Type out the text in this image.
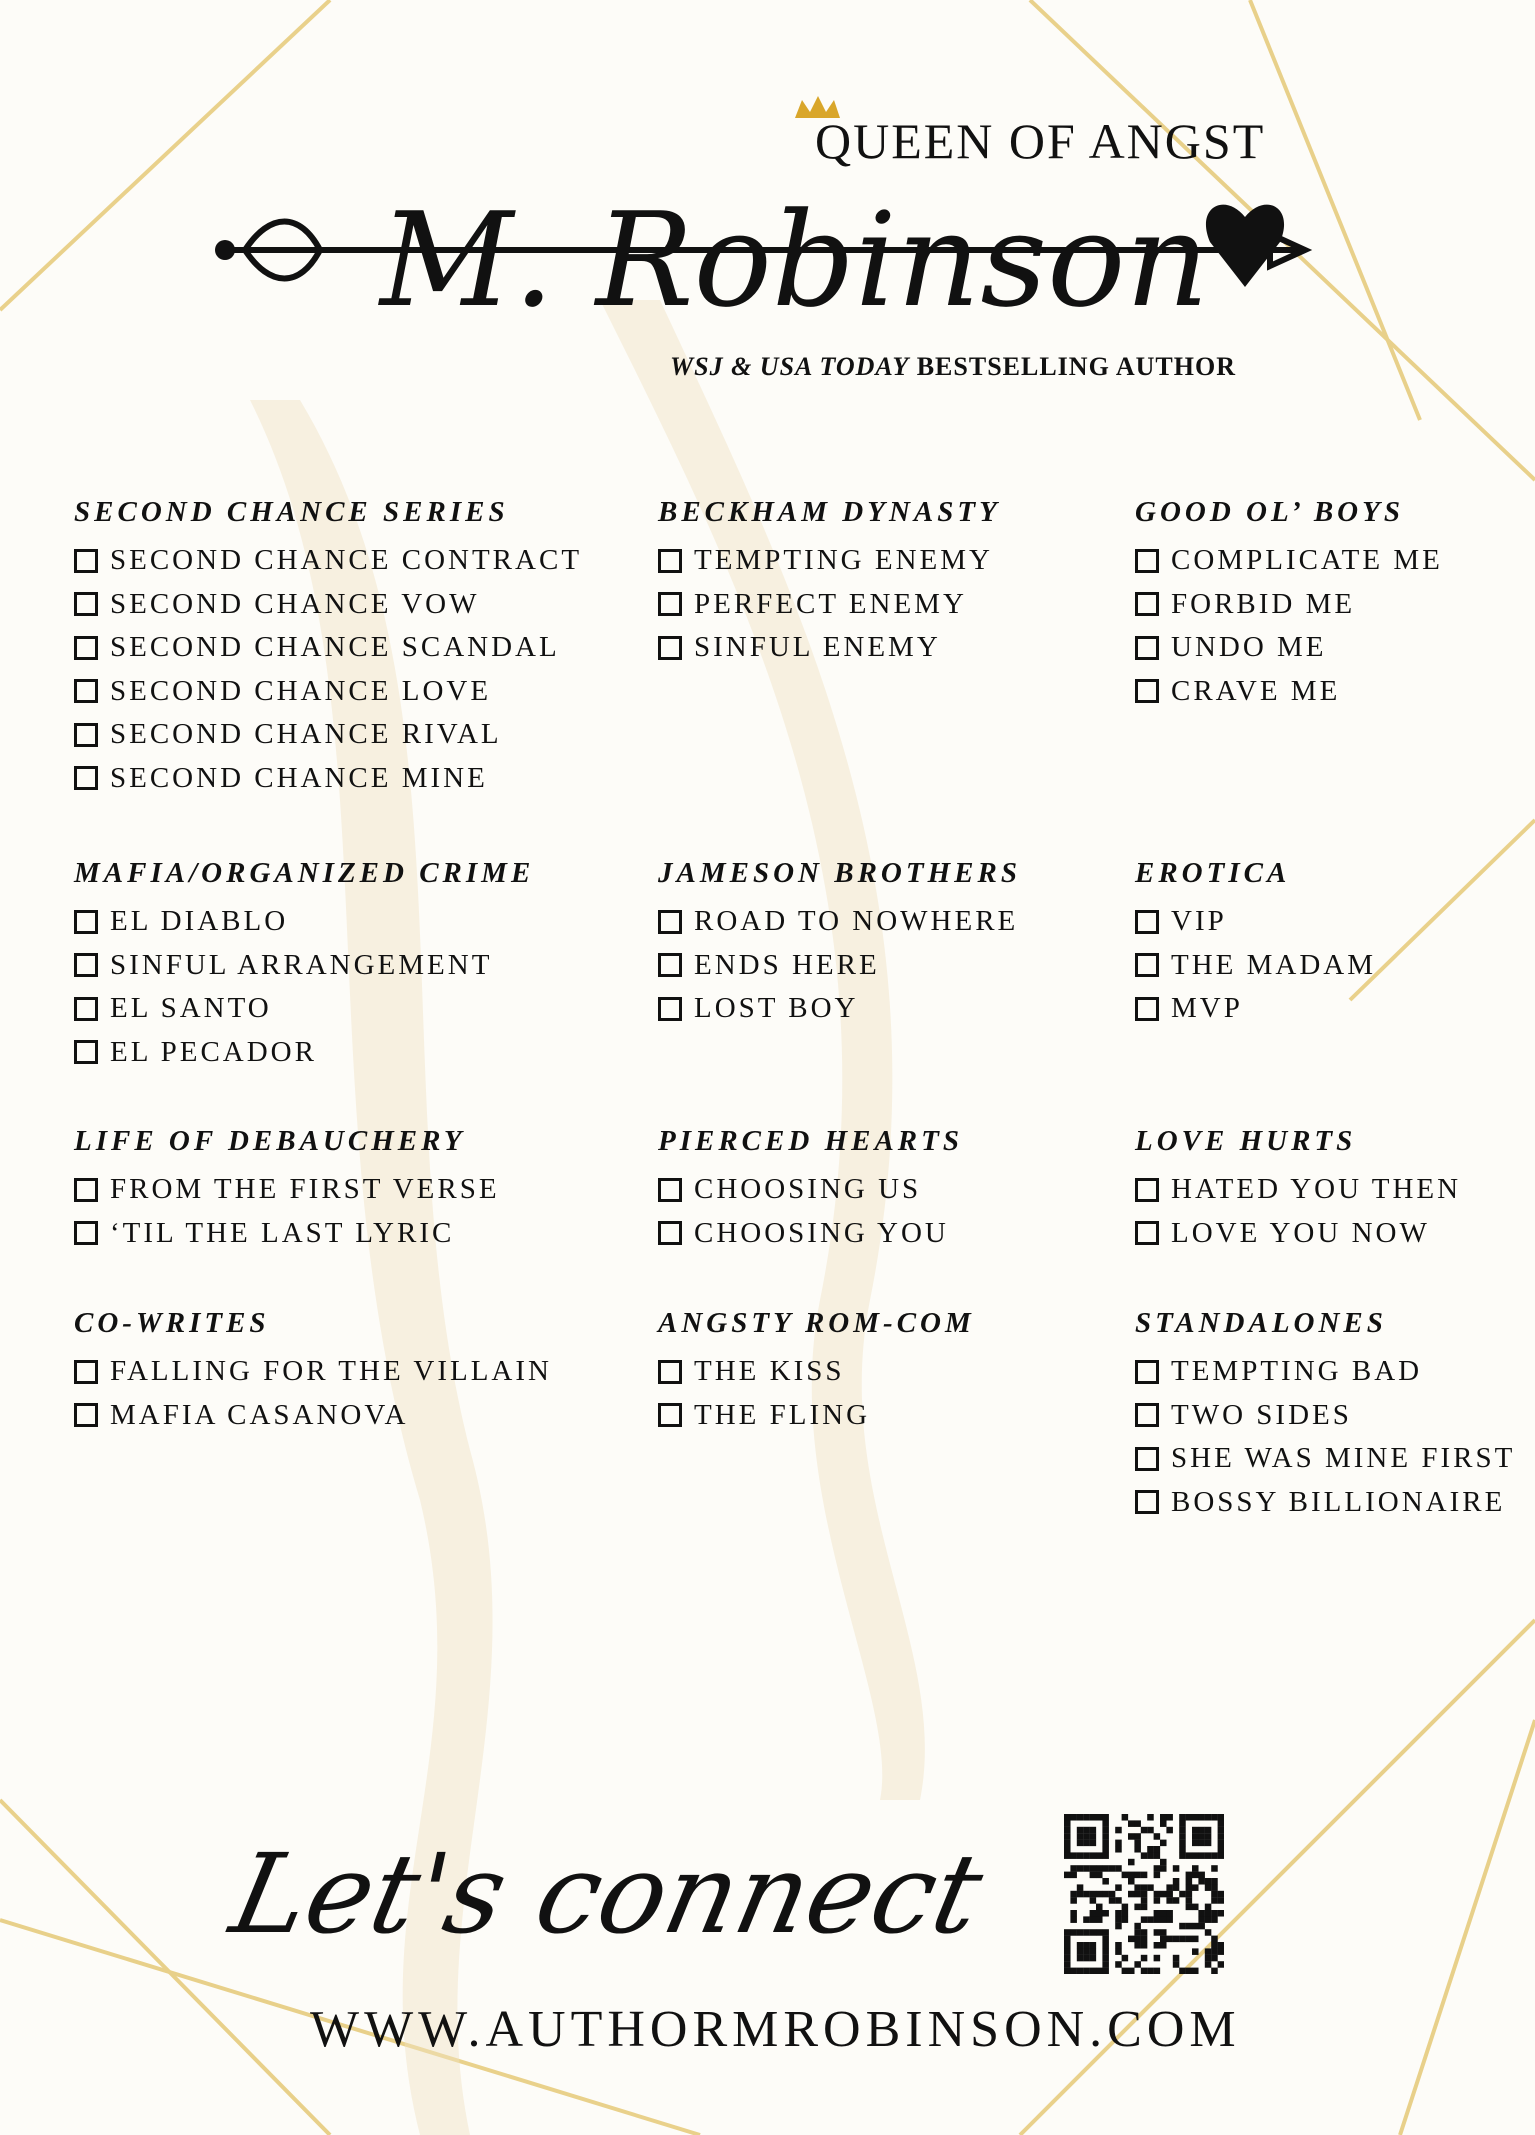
M. Robinson
QUEEN OF ANGST
WSJ & USA TODAY BESTSELLING AUTHOR
SECOND CHANCE SERIES
SECOND CHANCE CONTRACT
SECOND CHANCE VOW
SECOND CHANCE SCANDAL
SECOND CHANCE LOVE
SECOND CHANCE RIVAL
SECOND CHANCE MINE
MAFIA/ORGANIZED CRIME
EL DIABLO
SINFUL ARRANGEMENT
EL SANTO
EL PECADOR
LIFE OF DEBAUCHERY
FROM THE FIRST VERSE
‘TIL THE LAST LYRIC
CO-WRITES
FALLING FOR THE VILLAIN
MAFIA CASANOVA
BECKHAM DYNASTY
TEMPTING ENEMY
PERFECT ENEMY
SINFUL ENEMY
JAMESON BROTHERS
ROAD TO NOWHERE
ENDS HERE
LOST BOY
PIERCED HEARTS
CHOOSING US
CHOOSING YOU
ANGSTY ROM-COM
THE KISS
THE FLING
GOOD OL’ BOYS
COMPLICATE ME
FORBID ME
UNDO ME
CRAVE ME
EROTICA
VIP
THE MADAM
MVP
LOVE HURTS
HATED YOU THEN
LOVE YOU NOW
STANDALONES
TEMPTING BAD
TWO SIDES
SHE WAS MINE FIRST
BOSSY BILLIONAIRE
Let's connect
WWW.AUTHORMROBINSON.COM
